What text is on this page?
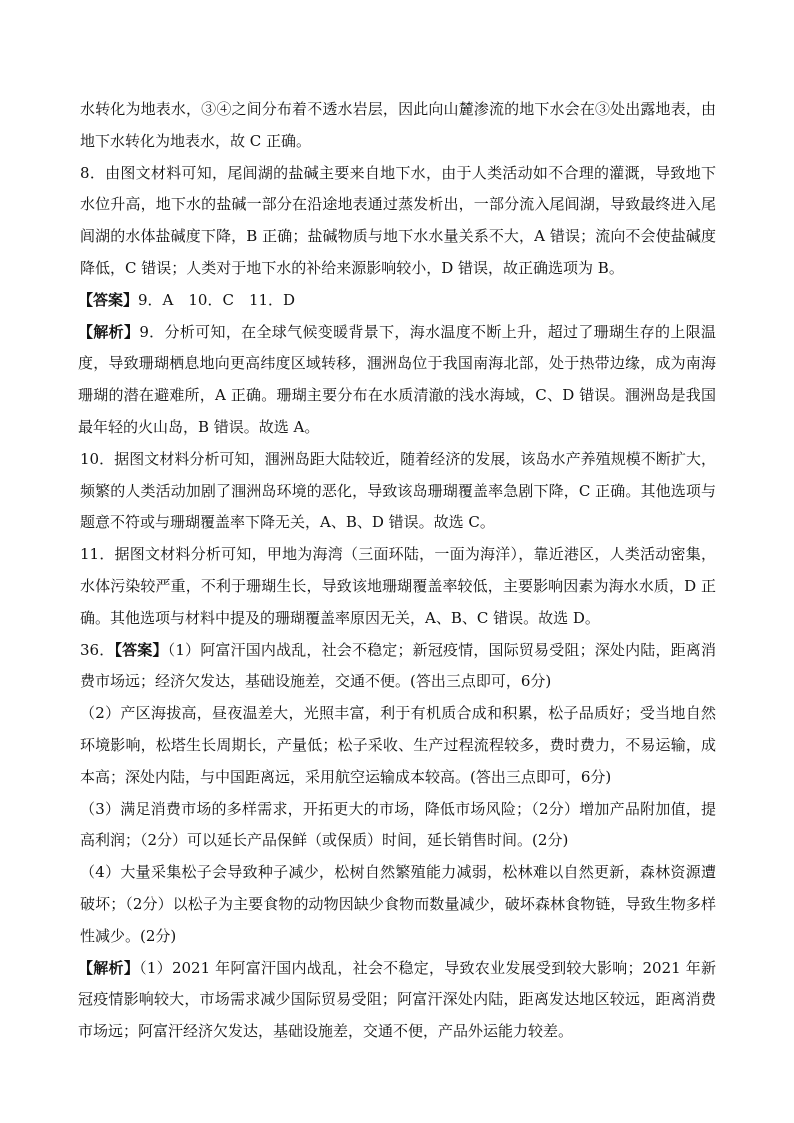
水转化为地表水，③④之间分布着不透水岩层，因此向山麓渗流的地下水会在③处出露地表，由地下水转化为地表水，故 C 正确。

8．由图文材料可知，尾闾湖的盐碱主要来自地下水，由于人类活动如不合理的灌溉，导致地下水位升高，地下水的盐碱一部分在沿途地表通过蒸发析出，一部分流入尾闾湖，导致最终进入尾闾湖的水体盐碱度下降，B 正确；盐碱物质与地下水水量关系不大，A 错误；流向不会使盐碱度降低，C 错误；人类对于地下水的补给来源影响较小，D 错误，故正确选项为 B。

【答案】9．A　10．C　11．D

【解析】9．分析可知，在全球气候变暖背景下，海水温度不断上升，超过了珊瑚生存的上限温度，导致珊瑚栖息地向更高纬度区域转移，涠洲岛位于我国南海北部，处于热带边缘，成为南海珊瑚的潜在避难所，A 正确。珊瑚主要分布在水质清澈的浅水海域，C、D 错误。涠洲岛是我国最年轻的火山岛，B 错误。故选 A。

10．据图文材料分析可知，涠洲岛距大陆较近，随着经济的发展，该岛水产养殖规模不断扩大，频繁的人类活动加剧了涠洲岛环境的恶化，导致该岛珊瑚覆盖率急剧下降，C 正确。其他选项与题意不符或与珊瑚覆盖率下降无关，A、B、D 错误。故选 C。

11．据图文材料分析可知，甲地为海湾（三面环陆，一面为海洋），靠近港区，人类活动密集，水体污染较严重，不利于珊瑚生长，导致该地珊瑚覆盖率较低，主要影响因素为海水水质，D 正确。其他选项与材料中提及的珊瑚覆盖率原因无关，A、B、C 错误。故选 D。

36．【答案】（1）阿富汗国内战乱，社会不稳定；新冠疫情，国际贸易受阻；深处内陆，距离消费市场远；经济欠发达，基础设施差，交通不便。(答出三点即可，6分)

（2）产区海拔高，昼夜温差大，光照丰富，利于有机质合成和积累，松子品质好；受当地自然环境影响，松塔生长周期长，产量低；松子采收、生产过程流程较多，费时费力，不易运输，成本高；深处内陆，与中国距离远，采用航空运输成本较高。(答出三点即可，6分)

（3）满足消费市场的多样需求，开拓更大的市场，降低市场风险；（2分）增加产品附加值，提高利润；（2分）可以延长产品保鲜（或保质）时间，延长销售时间。(2分)

（4）大量采集松子会导致种子减少，松树自然繁殖能力减弱，松林难以自然更新，森林资源遭破坏；（2分）以松子为主要食物的动物因缺少食物而数量减少，破坏森林食物链，导致生物多样性减少。(2分)

【解析】（1）2021 年阿富汗国内战乱，社会不稳定，导致农业发展受到较大影响；2021 年新冠疫情影响较大，市场需求减少国际贸易受阻；阿富汗深处内陆，距离发达地区较远，距离消费市场远；阿富汗经济欠发达，基础设施差，交通不便，产品外运能力较差。
